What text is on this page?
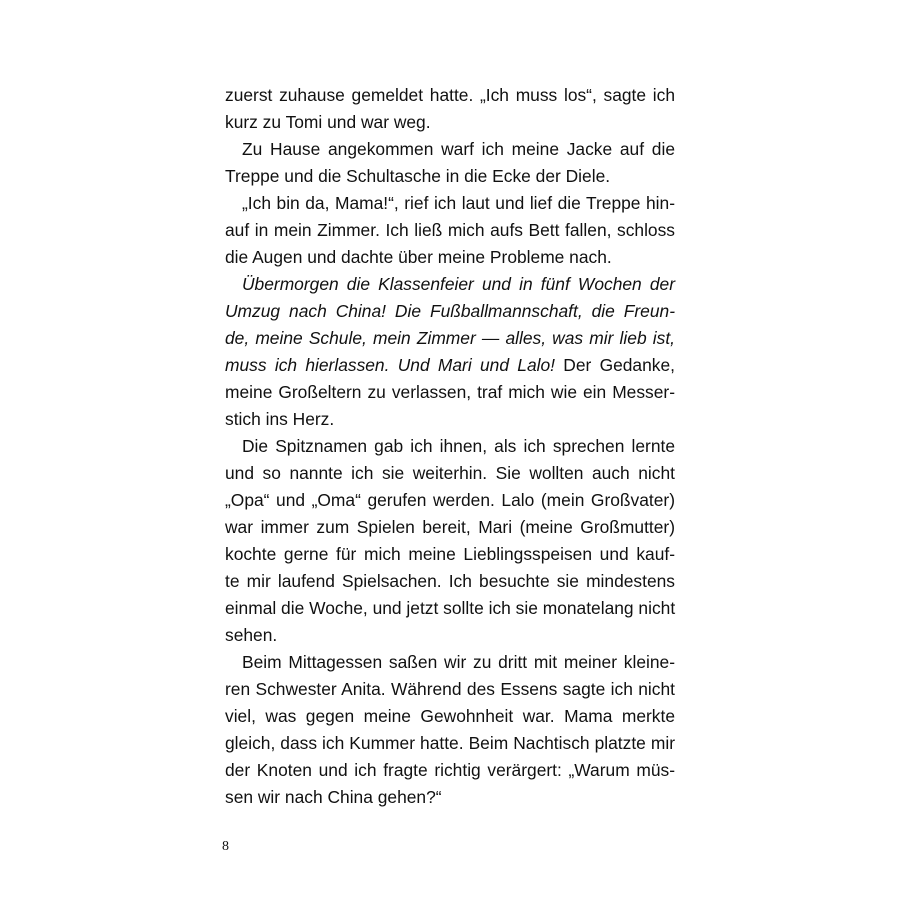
zuerst zuhause gemeldet hatte. „Ich muss los“, sagte ich
kurz zu Tomi und war weg.
Zu Hause angekommen warf ich meine Jacke auf die
Treppe und die Schultasche in die Ecke der Diele.
„Ich bin da, Mama!“, rief ich laut und lief die Treppe hin-
auf in mein Zimmer. Ich ließ mich aufs Bett fallen, schloss
die Augen und dachte über meine Probleme nach.
Übermorgen die Klassenfeier und in fünf Wochen der
Umzug nach China! Die Fußballmannschaft, die Freun-
de, meine Schule, mein Zimmer — alles, was mir lieb ist,
muss ich hierlassen. Und Mari und Lalo! Der Gedanke,
meine Großeltern zu verlassen, traf mich wie ein Messer-
stich ins Herz.
Die Spitznamen gab ich ihnen, als ich sprechen lernte
und so nannte ich sie weiterhin. Sie wollten auch nicht
„Opa“ und „Oma“ gerufen werden. Lalo (mein Großvater)
war immer zum Spielen bereit, Mari (meine Großmutter)
kochte gerne für mich meine Lieblingsspeisen und kauf-
te mir laufend Spielsachen. Ich besuchte sie mindestens
einmal die Woche, und jetzt sollte ich sie monatelang nicht
sehen.
Beim Mittagessen saßen wir zu dritt mit meiner kleine-
ren Schwester Anita. Während des Essens sagte ich nicht
viel, was gegen meine Gewohnheit war. Mama merkte
gleich, dass ich Kummer hatte. Beim Nachtisch platzte mir
der Knoten und ich fragte richtig verärgert: „Warum müs-
sen wir nach China gehen?“
8
